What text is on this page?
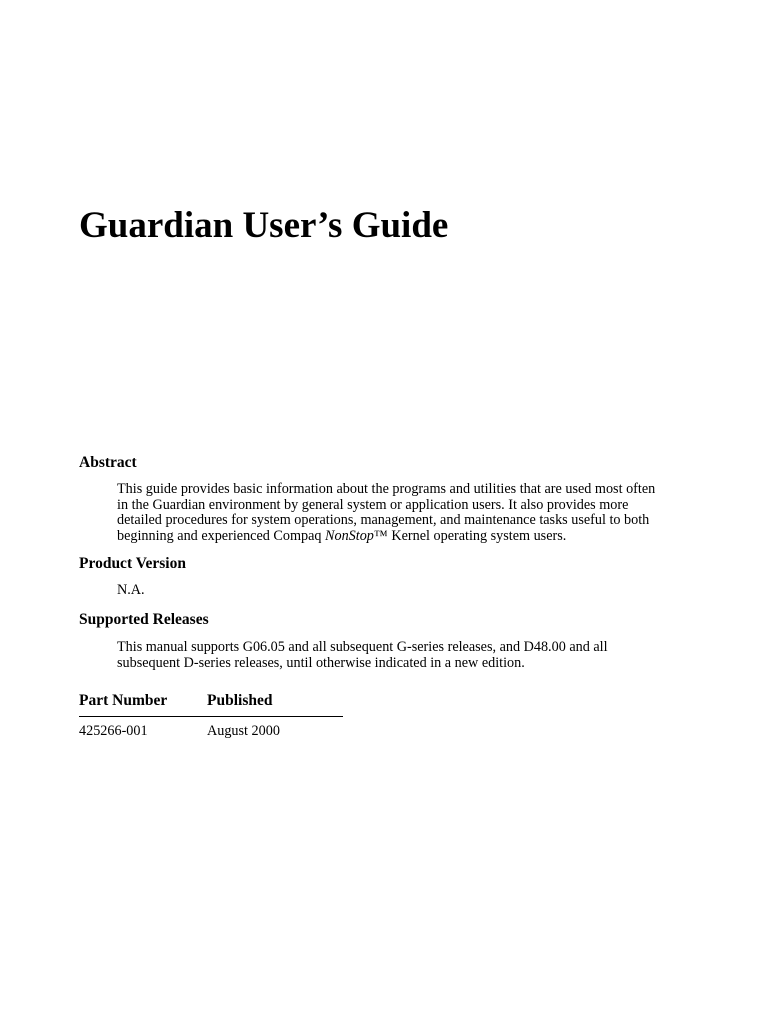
Guardian User’s Guide
Abstract

This guide provides basic information about the programs and utilities that are used most often
in the Guardian environment by general system or application users. It also provides more
detailed procedures for system operations, management, and maintenance tasks useful to both
beginning and experienced Compaq NonStop™ Kernel operating system users.

Product Version

N.A.

Supported Releases

This manual supports G06.05 and all subsequent G-series releases, and D48.00 and all
subsequent D-series releases, until otherwise indicated in a new edition.

Part Number	Published
425266-001	August 2000
